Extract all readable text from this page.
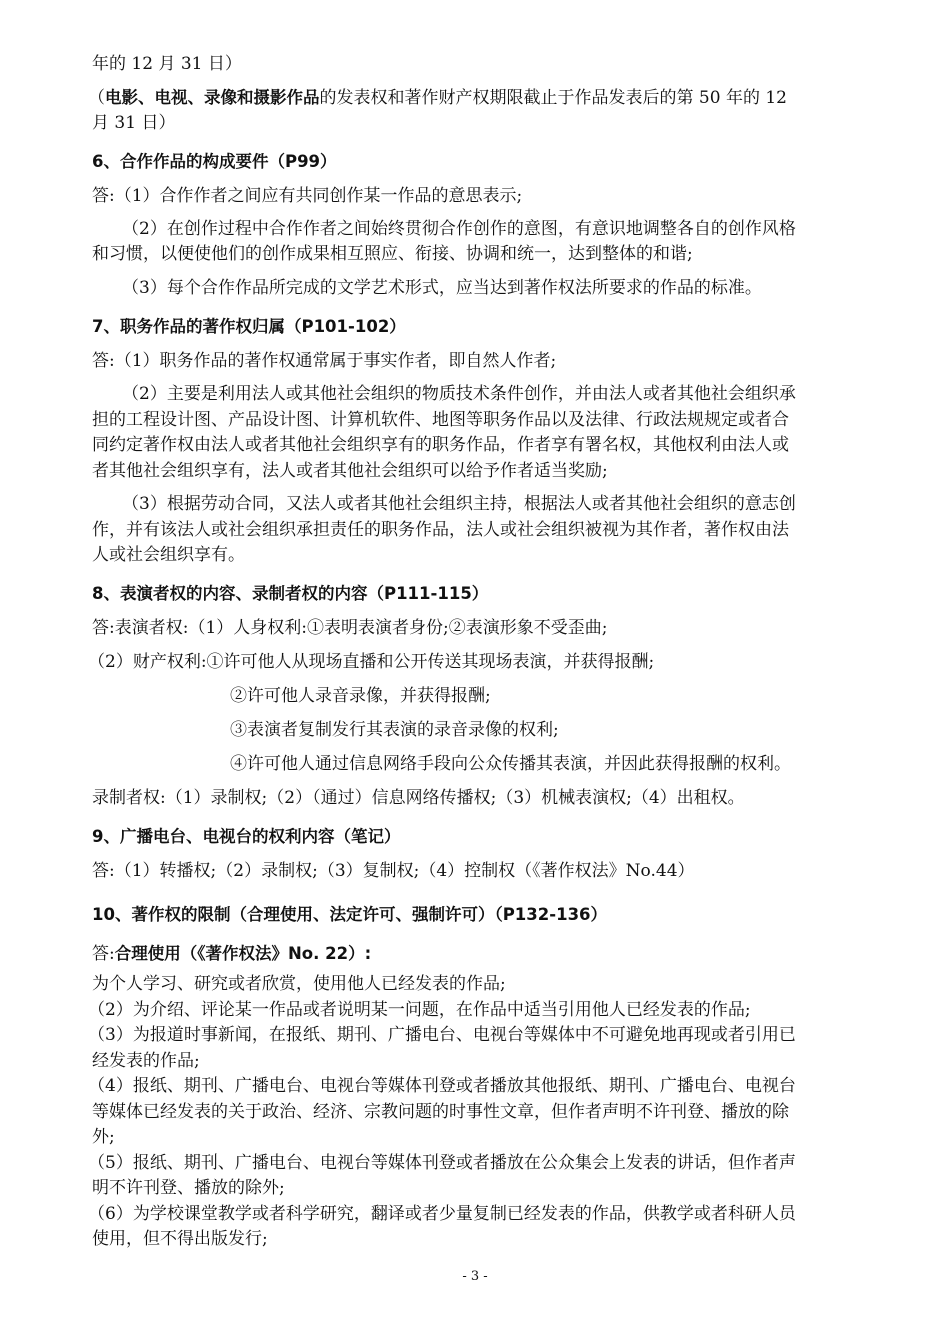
年的 12 月 31 日）
（电影、电视、录像和摄影作品的发表权和著作财产权期限截止于作品发表后的第 50 年的 12
月 31 日）
6、合作作品的构成要件（P99）
答:（1）合作作者之间应有共同创作某一作品的意思表示;
（2）在创作过程中合作作者之间始终贯彻合作创作的意图，有意识地调整各自的创作风格
和习惯，以便使他们的创作成果相互照应、衔接、协调和统一，达到整体的和谐;
（3）每个合作作品所完成的文学艺术形式，应当达到著作权法所要求的作品的标准。
7、职务作品的著作权归属（P101-102）
答:（1）职务作品的著作权通常属于事实作者，即自然人作者;
（2）主要是利用法人或其他社会组织的物质技术条件创作，并由法人或者其他社会组织承
担的工程设计图、产品设计图、计算机软件、地图等职务作品以及法律、行政法规规定或者合
同约定著作权由法人或者其他社会组织享有的职务作品，作者享有署名权，其他权利由法人或
者其他社会组织享有，法人或者其他社会组织可以给予作者适当奖励;
（3）根据劳动合同，又法人或者其他社会组织主持，根据法人或者其他社会组织的意志创
作，并有该法人或社会组织承担责任的职务作品，法人或社会组织被视为其作者，著作权由法
人或社会组织享有。
8、表演者权的内容、录制者权的内容（P111-115）
答:表演者权:（1）人身权利:①表明表演者身份;②表演形象不受歪曲;
（2）财产权利:①许可他人从现场直播和公开传送其现场表演，并获得报酬;
②许可他人录音录像，并获得报酬;
③表演者复制发行其表演的录音录像的权利;
④许可他人通过信息网络手段向公众传播其表演，并因此获得报酬的权利。
录制者权:（1）录制权;（2）（通过）信息网络传播权;（3）机械表演权;（4）出租权。
9、广播电台、电视台的权利内容（笔记）
答:（1）转播权;（2）录制权;（3）复制权;（4）控制权（《著作权法》No.44）
10、著作权的限制（合理使用、法定许可、强制许可）（P132-136）
答:合理使用（《著作权法》No. 22）:
为个人学习、研究或者欣赏，使用他人已经发表的作品;
（2）为介绍、评论某一作品或者说明某一问题，在作品中适当引用他人已经发表的作品;
（3）为报道时事新闻，在报纸、期刊、广播电台、电视台等媒体中不可避免地再现或者引用已
经发表的作品;
（4）报纸、期刊、广播电台、电视台等媒体刊登或者播放其他报纸、期刊、广播电台、电视台
等媒体已经发表的关于政治、经济、宗教问题的时事性文章，但作者声明不许刊登、播放的除
外;
（5）报纸、期刊、广播电台、电视台等媒体刊登或者播放在公众集会上发表的讲话，但作者声
明不许刊登、播放的除外;
（6）为学校课堂教学或者科学研究，翻译或者少量复制已经发表的作品，供教学或者科研人员
使用，但不得出版发行;
- 3 -
